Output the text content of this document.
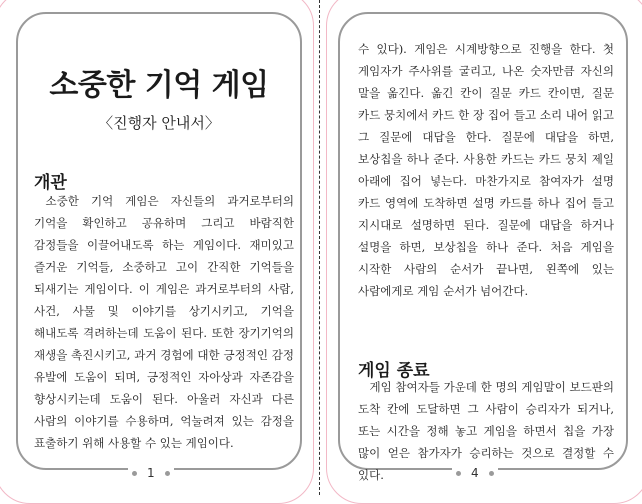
소중한 기억 게임

〈진행자 안내서〉

개관

소중한 기억 게임은 자신들의 과거로부터의 기억을 확인하고 공유하며 그리고 바람직한 감정들을 이끌어내도록 하는 게임이다. 재미있고 즐거운 기억들, 소중하고 고이 간직한 기억들을 되새기는 게임이다. 이 게임은 과거로부터의 사람, 사건, 사물 및 이야기를 상기시키고, 기억을 해내도록 격려하는데 도움이 된다. 또한 장기기억의 재생을 촉진시키고, 과거 경험에 대한 긍정적인 감정 유발에 도움이 되며, 긍정적인 자아상과 자존감을 향상시키는데 도움이 된다. 아울러 자신과 다른 사람의 이야기를 수용하며, 억눌려져 있는 감정을 표출하기 위해 사용할 수 있는 게임이다.

수 있다). 게임은 시계방향으로 진행을 한다. 첫 게임자가 주사위를 굴리고, 나온 숫자만큼 자신의 말을 옮긴다. 옮긴 칸이 질문 카드 칸이면, 질문 카드 뭉치에서 카드 한 장 집어 들고 소리 내어 읽고 그 질문에 대답을 한다. 질문에 대답을 하면, 보상칩을 하나 준다. 사용한 카드는 카드 뭉치 제일 아래에 집어 넣는다. 마찬가지로 참여자가 설명 카드 영역에 도착하면 설명 카드를 하나 집어 들고 지시대로 설명하면 된다. 질문에 대답을 하거나 설명을 하면, 보상칩을 하나 준다. 처음 게임을 시작한 사람의 순서가 끝나면, 왼쪽에 있는 사람에게로 게임 순서가 넘어간다.

게임 종료

게임 참여자들 가운데 한 명의 게임말이 보드판의 도착 칸에 도달하면 그 사람이 승리자가 되거나, 또는 시간을 정해 놓고 게임을 하면서 칩을 가장 많이 얻은 참가자가 승리하는 것으로 결정할 수 있다.

1	4
